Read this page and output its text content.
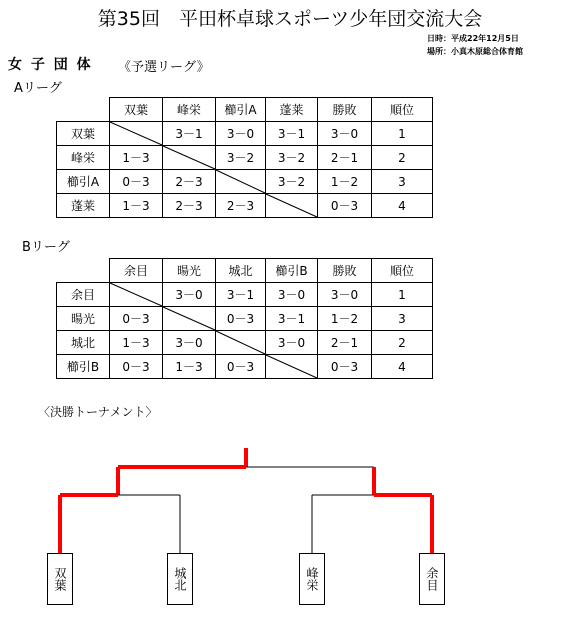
第35回　平田杯卓球スポーツ少年団交流大会
日時：平成22年12月5日
場所：小真木原総合体育館
女 子 団 体 《予選リーグ》
Aリーグ
	双葉	峰栄	櫛引A	蓬莱	勝敗	順位
双葉		3－1	3－0	3－1	3－0	1
峰栄	1－3		3－2	3－2	2－1	2
櫛引A	0－3	2－3		3－2	1－2	3
蓬莱	1－3	2－3	2－3		0－3	4
Bリーグ
	余目	暘光	城北	櫛引B	勝敗	順位
余目		3－0	3－1	3－0	3－0	1
暘光	0－3		0－3	3－1	1－2	3
城北	1－3	3－0		3－0	2－1	2
櫛引B	0－3	1－3	0－3		0－3	4
〈決勝トーナメント〉
双葉	城北	峰栄	余目
